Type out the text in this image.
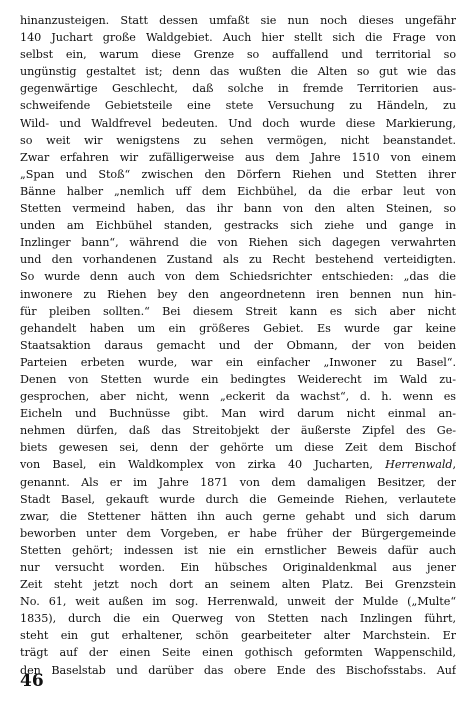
hinanzusteigen. Statt dessen umfaßt sie nun noch dieses ungefähr
140 Juchart große Waldgebiet. Auch hier stellt sich die Frage von
selbst ein, warum diese Grenze so auffallend und territorial so
ungünstig gestaltet ist; denn das wußten die Alten so gut wie das
gegenwärtige Geschlecht, daß solche in fremde Territorien aus-
schweifende Gebietsteile eine stete Versuchung zu Händeln, zu
Wild- und Waldfrevel bedeuten. Und doch wurde diese Markierung,
so weit wir wenigstens zu sehen vermögen, nicht beanstandet.
Zwar erfahren wir zufälligerweise aus dem Jahre 1510 von einem
„Span und Stoß“ zwischen den Dörfern Riehen und Stetten ihrer
Bänne halber „nemlich uff dem Eichbühel, da die erbar leut von
Stetten vermeind haben, das ihr bann von den alten Steinen, so
unden am Eichbühel standen, gestracks sich ziehe und gange in
Inzlinger bann“, während die von Riehen sich dagegen verwahrten
und den vorhandenen Zustand als zu Recht bestehend verteidigten.
So wurde denn auch von dem Schiedsrichter entschieden: „das die
inwonere zu Riehen bey den angeordnetenn iren bennen nun hin-
für pleiben sollten.“ Bei diesem Streit kann es sich aber nicht
gehandelt haben um ein größeres Gebiet. Es wurde gar keine
Staatsaktion daraus gemacht und der Obmann, der von beiden
Parteien erbeten wurde, war ein einfacher „Inwoner zu Basel“.
Denen von Stetten wurde ein bedingtes Weiderecht im Wald zu-
gesprochen, aber nicht, wenn „eckerit da wachst“, d. h. wenn es
Eicheln und Buchnüsse gibt. Man wird darum nicht einmal an-
nehmen dürfen, daß das Streitobjekt der äußerste Zipfel des Ge-
biets gewesen sei, denn der gehörte um diese Zeit dem Bischof
von Basel, ein Waldkomplex von zirka 40 Jucharten, Herrenwald,
genannt. Als er im Jahre 1871 von dem damaligen Besitzer, der
Stadt Basel, gekauft wurde durch die Gemeinde Riehen, verlautete
zwar, die Stettener hätten ihn auch gerne gehabt und sich darum
beworben unter dem Vorgeben, er habe früher der Bürgergemeinde
Stetten gehört; indessen ist nie ein ernstlicher Beweis dafür auch
nur versucht worden. Ein hübsches Originaldenkmal aus jener
Zeit steht jetzt noch dort an seinem alten Platz. Bei Grenzstein
No. 61, weit außen im sog. Herrenwald, unweit der Mulde („Multe“
1835), durch die ein Querweg von Stetten nach Inzlingen führt,
steht ein gut erhaltener, schön gearbeiteter alter Marchstein. Er
trägt auf der einen Seite einen gothisch geformten Wappenschild,
den Baselstab und darüber das obere Ende des Bischofsstabs. Auf
46
